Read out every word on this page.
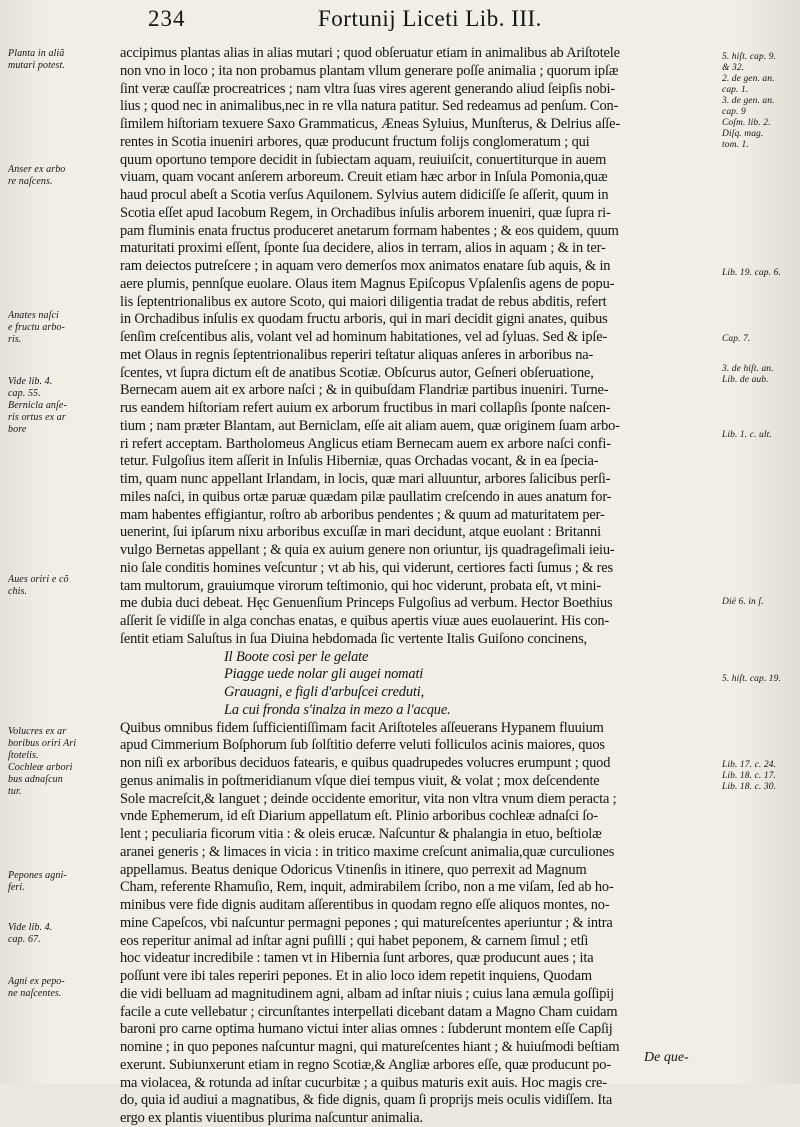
234	Fortunij Liceti Lib. III.
Planta in aliã
mutari potest.
Anser ex arbo
re naſcens.
Anates naſci
e fructu arbo-
ris.
Vide lib. 4.
cap. 55.
Bernicla anſe-
ris ortus ex ar
bore
Aues oriri e cõ
chis.
Volucres ex ar
boribus oriri Ari
ſtotelis.
Cochleæ arbori
bus adnaſcun
tur.
Pepones agni-
feri.
Vide lib. 4.
cap. 67.
Agni ex pepo-
ne naſcentes.
5. hiſt. cap. 9.
& 32.
2. de gen. an.
cap. 1.
3. de gen. an.
cap. 9
Coſm. lib. 2.
Diſq. mag.
tom. 1.
Lib. 19. cap. 6.
Cap. 7.
3. de hiſt. an.
Lib. de aub.
Lib. 1. c. ult.
Dië 6. in ſ.
5. hiſt. cap. 19.
Lib. 17. c. 24.
Lib. 18. c. 17.
Lib. 18. c. 30.
accipimus plantas alias in alias mutari ; quod obſeruatur etiam in animalibus ab Ariſtotele
non vno in loco ; ita non probamus plantam vllum generare poſſe animalia ; quorum ipſæ
ſint veræ cauſſæ procreatrices ; nam vltra ſuas vires agerent generando aliud ſeipſis nobi-
lius ; quod nec in animalibus,nec in re vlla natura patitur. Sed redeamus ad penſum. Con-
ſimilem hiſtoriam texuere Saxo Grammaticus, Æneas Syluius, Munſterus, & Delrius aſſe-
rentes in Scotia inueniri arbores, quæ producunt fructum folijs conglomeratum ; qui
quum oportuno tempore decidit in ſubiectam aquam, reuiuiſcit, conuertiturque in auem
viuam, quam vocant anſerem arboreum. Creuit etiam hæc arbor in Inſula Pomonia,quæ
haud procul abeſt a Scotia verſus Aquilonem. Sylvius autem didiciſſe ſe aſſerit, quum in
Scotia eſſet apud Iacobum Regem, in Orchadibus inſulis arborem inueniri, quæ ſupra ri-
pam fluminis enata fructus produceret anetarum formam habentes ; & eos quidem, quum
maturitati proximi eſſent, ſponte ſua decidere, alios in terram, alios in aquam ; & in ter-
ram deiectos putreſcere ; in aquam vero demerſos mox animatos enatare ſub aquis, & in
aere plumis, pennſque euolare. Olaus item Magnus Epiſcopus Vpſalenſis agens de popu-
lis ſeptentrionalibus ex autore Scoto, qui maiori diligentia tradat de rebus abditis, refert
in Orchadibus inſulis ex quodam fructu arboris, qui in mari decidit gigni anates, quibus
ſenſim creſcentibus alis, volant vel ad hominum habitationes, vel ad ſyluas. Sed & ipſe-
met Olaus in regnis ſeptentrionalibus reperiri teſtatur aliquas anſeres in arboribus na-
ſcentes, vt ſupra dictum eſt de anatibus Scotiæ. Obſcurus autor, Geſneri obſeruatione,
Bernecam auem ait ex arbore naſci ; & in quibuſdam Flandriæ partibus inueniri. Turne-
rus eandem hiſtoriam refert auium ex arborum fructibus in mari collapſis ſponte naſcen-
tium ; nam præter Blantam, aut Berniclam, eſſe ait aliam auem, quæ originem ſuam arbo-
ri refert acceptam. Bartholomeus Anglicus etiam Bernecam auem ex arbore naſci confi-
tetur. Fulgoſius item aſſerit in Inſulis Hiberniæ, quas Orchadas vocant, & in ea ſpecia-
tim, quam nunc appellant Irlandam, in locis, quæ mari alluuntur, arbores ſalicibus perſi-
miles naſci, in quibus ortæ paruæ quædam pilæ paullatim creſcendo in aues anatum for-
mam habentes effigiantur, roſtro ab arboribus pendentes ; & quum ad maturitatem per-
uenerint, ſui ipſarum nixu arboribus excuſſæ in mari decidunt, atque euolant : Britanni
vulgo Bernetas appellant ; & quia ex auium genere non oriuntur, ijs quadrageſimali ieiu-
nio ſale conditis homines veſcuntur ; vt ab his, qui viderunt, certiores facti ſumus ; & res
tam multorum, grauiumque virorum teſtimonio, qui hoc viderunt, probata eſt, vt mini-
me dubia duci debeat. Hęc Genuenſium Princeps Fulgoſius ad verbum. Hector Boethius
aſſerit ſe vidiſſe in alga conchas enatas, e quibus apertis viuæ aues euolauerint. His con-
ſentit etiam Saluſtus in ſua Diuina hebdomada ſic vertente Italis Guiſono concinens,
Il Boote così per le gelate
Piagge uede nolar gli augei nomati
Grauagni, e figli d'arbuſcei creduti,
La cui fronda s'inalza in mezo a l'acque.
Quibus omnibus fidem ſufficientiſſimam facit Ariſtoteles aſſeuerans Hypanem fluuium
apud Cimmerium Boſphorum ſub ſolſtitio deferre veluti folliculos acinis maiores, quos
non niſi ex arboribus deciduos fatearis, e quibus quadrupedes volucres erumpunt ; quod
genus animalis in poſtmeridianum vſque diei tempus viuit, & volat ; mox deſcendente
Sole macreſcit,& languet ; deinde occidente emoritur, vita non vltra vnum diem peracta ;
vnde Ephemerum, id eſt Diarium appellatum eſt. Plinio arboribus cochleæ adnaſci ſo-
lent ; peculiaria ficorum vitia : & oleis erucæ. Naſcuntur & phalangia in etuo, beſtiolæ
aranei generis ; & limaces in vicia : in tritico maxime creſcunt animalia,quæ curculiones
appellamus. Beatus denique Odoricus Vtinenſis in itinere, quo perrexit ad Magnum
Cham, referente Rhamuſio, Rem, inquit, admirabilem ſcribo, non a me viſam, ſed ab ho-
minibus vere fide dignis auditam aſſerentibus in quodam regno eſſe aliquos montes, no-
mine Capeſcos, vbi naſcuntur permagni pepones ; qui matureſcentes aperiuntur ; & intra
eos reperitur animal ad inſtar agni puſilli ; qui habet peponem, & carnem ſimul ; etſi
hoc videatur incredibile : tamen vt in Hibernia ſunt arbores, quæ producunt aues ; ita
poſſunt vere ibi tales reperiri pepones. Et in alio loco idem repetit inquiens, Quodam
die vidi belluam ad magnitudinem agni, albam ad inſtar niuis ; cuius lana æmula goſſipij
facile a cute vellebatur ; circunſtantes interpellati dicebant datam a Magno Cham cuidam
baroni pro carne optima humano victui inter alias omnes : ſubderunt montem eſſe Capſij
nomine ; in quo pepones naſcuntur magni, qui matureſcentes hiant ; & huiuſmodi beſtiam
exerunt. Subiunxerunt etiam in regno Scotiæ,& Angliæ arbores eſſe, quæ producunt po-
ma violacea, & rotunda ad inſtar cucurbitæ ; a quibus maturis exit auis. Hoc magis cre-
do, quia id audiui a magnatibus, & fide dignis, quam ſi proprijs meis oculis vidiſſem. Ita
ergo ex plantis viuentibus plurima naſcuntur animalia.
De que-
